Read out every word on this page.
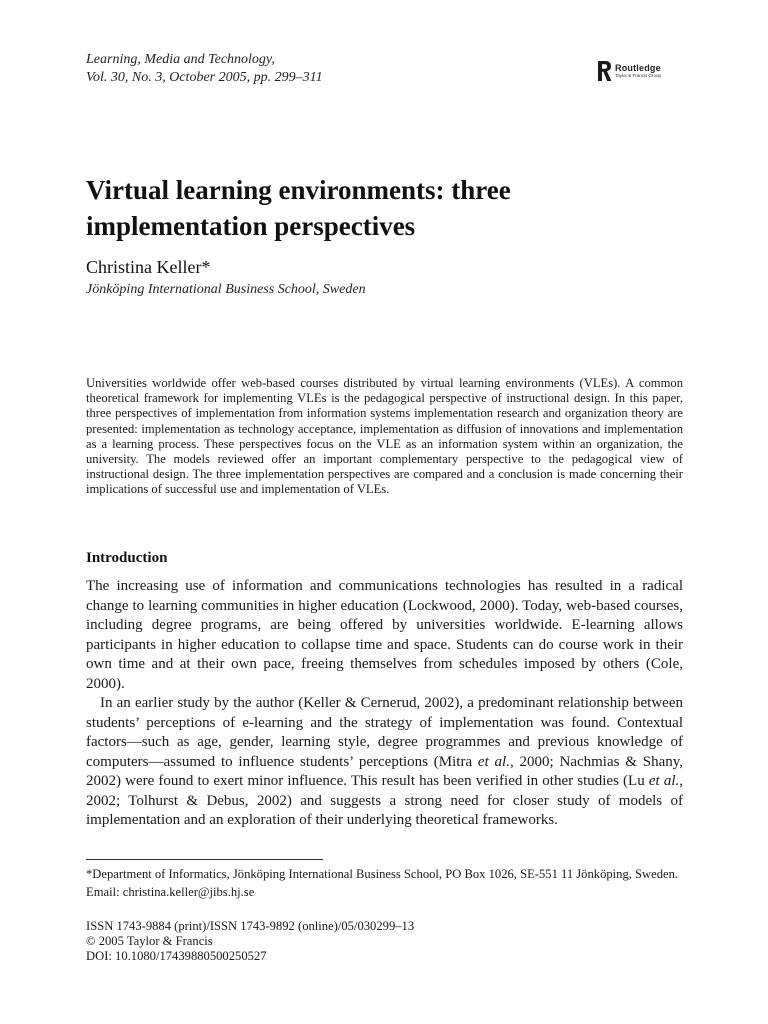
Learning, Media and Technology,
Vol. 30, No. 3, October 2005, pp. 299–311
Routledge
Taylor & Francis Group
Virtual learning environments: three
implementation perspectives
Christina Keller*
Jönköping International Business School, Sweden

Universities worldwide offer web-based courses distributed by virtual learning environments (VLEs). A common theoretical framework for implementing VLEs is the pedagogical perspective of instructional design. In this paper, three perspectives of implementation from information systems implementation research and organization theory are presented: implementation as technology acceptance, implementation as diffusion of innovations and implementation as a learning process. These perspectives focus on the VLE as an information system within an organization, the university. The models reviewed offer an important complementary perspective to the pedagogical view of instructional design. The three implementation perspectives are compared and a conclusion is made concerning their implications of successful use and implementation of VLEs.

Introduction

The increasing use of information and communications technologies has resulted in a radical change to learning communities in higher education (Lockwood, 2000). Today, web-based courses, including degree programs, are being offered by universities worldwide. E-learning allows participants in higher education to collapse time and space. Students can do course work in their own time and at their own pace, freeing themselves from schedules imposed by others (Cole, 2000).

In an earlier study by the author (Keller & Cernerud, 2002), a predominant relationship between students’ perceptions of e-learning and the strategy of implementation was found. Contextual factors—such as age, gender, learning style, degree programmes and previous knowledge of computers—assumed to influence students’ perceptions (Mitra et al., 2000; Nachmias & Shany, 2002) were found to exert minor influence. This result has been verified in other studies (Lu et al., 2002; Tolhurst & Debus, 2002) and suggests a strong need for closer study of models of implementation and an exploration of their underlying theoretical frameworks.

*Department of Informatics, Jönköping International Business School, PO Box 1026, SE-551 11 Jönköping, Sweden. Email: christina.keller@jibs.hj.se

ISSN 1743-9884 (print)/ISSN 1743-9892 (online)/05/030299–13
© 2005 Taylor & Francis
DOI: 10.1080/17439880500250527
